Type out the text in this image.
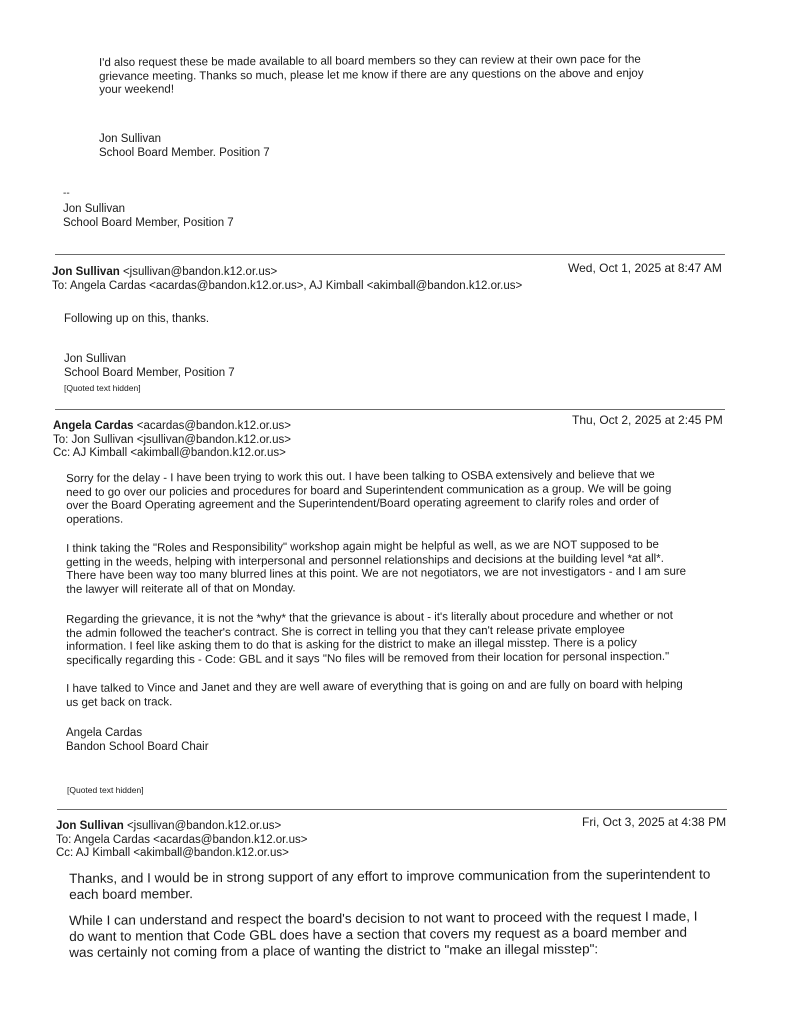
I'd also request these be made available to all board members so they can review at their own pace for the
grievance meeting. Thanks so much, please let me know if there are any questions on the above and enjoy
your weekend!
Jon Sullivan
School Board Member. Position 7
--
Jon Sullivan
School Board Member, Position 7
Jon Sullivan <jsullivan@bandon.k12.or.us>
To: Angela Cardas <acardas@bandon.k12.or.us>, AJ Kimball <akimball@bandon.k12.or.us>
Wed, Oct 1, 2025 at 8:47 AM
Following up on this, thanks.
Jon Sullivan
School Board Member, Position 7
[Quoted text hidden]
Angela Cardas <acardas@bandon.k12.or.us>
To: Jon Sullivan <jsullivan@bandon.k12.or.us>
Cc: AJ Kimball <akimball@bandon.k12.or.us>
Thu, Oct 2, 2025 at 2:45 PM
Sorry for the delay - I have been trying to work this out. I have been talking to OSBA extensively and believe that we
need to go over our policies and procedures for board and Superintendent communication as a group. We will be going
over the Board Operating agreement and the Superintendent/Board operating agreement to clarify roles and order of
operations.
I think taking the "Roles and Responsibility" workshop again might be helpful as well, as we are NOT supposed to be
getting in the weeds, helping with interpersonal and personnel relationships and decisions at the building level *at all*.
There have been way too many blurred lines at this point. We are not negotiators, we are not investigators - and I am sure
the lawyer will reiterate all of that on Monday.
Regarding the grievance, it is not the *why* that the grievance is about - it's literally about procedure and whether or not
the admin followed the teacher's contract. She is correct in telling you that they can't release private employee
information. I feel like asking them to do that is asking for the district to make an illegal misstep. There is a policy
specifically regarding this - Code: GBL and it says "No files will be removed from their location for personal inspection."
I have talked to Vince and Janet and they are well aware of everything that is going on and are fully on board with helping
us get back on track.
Angela Cardas
Bandon School Board Chair
[Quoted text hidden]
Jon Sullivan <jsullivan@bandon.k12.or.us>
To: Angela Cardas <acardas@bandon.k12.or.us>
Cc: AJ Kimball <akimball@bandon.k12.or.us>
Fri, Oct 3, 2025 at 4:38 PM
Thanks, and I would be in strong support of any effort to improve communication from the superintendent to
each board member.
While I can understand and respect the board's decision to not want to proceed with the request I made, I
do want to mention that Code GBL does have a section that covers my request as a board member and
was certainly not coming from a place of wanting the district to "make an illegal misstep":
